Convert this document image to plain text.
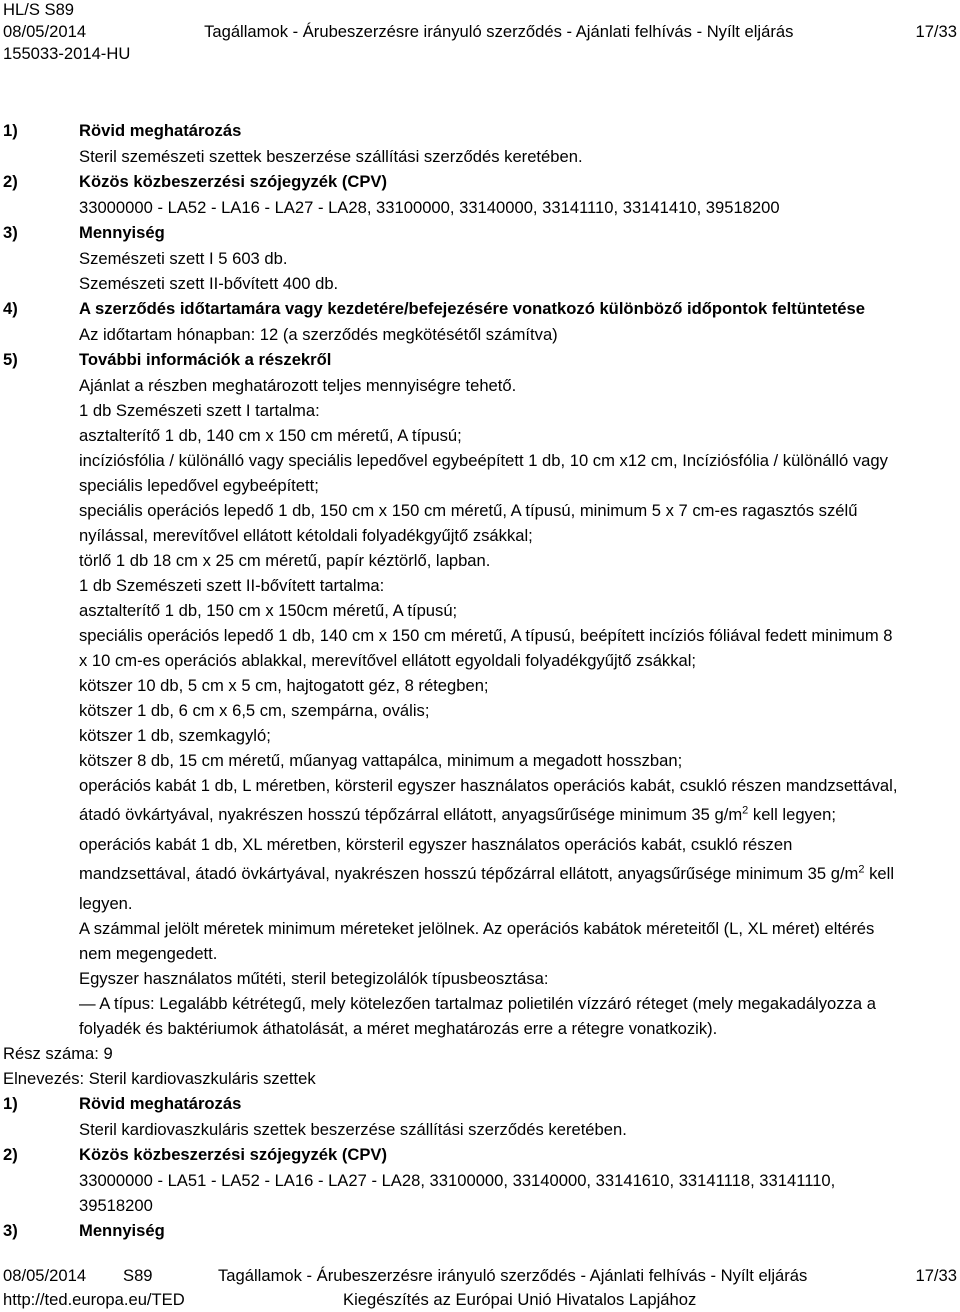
HL/S S89
08/05/2014	Tagállamok - Árubeszerzésre irányuló szerződés - Ajánlati felhívás - Nyílt eljárás	17/33
155033-2014-HU
1)	Rövid meghatározás
Steril szemészeti szettek beszerzése szállítási szerződés keretében.
2)	Közös közbeszerzési szójegyzék (CPV)
33000000 - LA52 - LA16 - LA27 - LA28, 33100000, 33140000, 33141110, 33141410, 39518200
3)	Mennyiség
Szemészeti szett I 5 603 db.
Szemészeti szett II-bővített 400 db.
4)	A szerződés időtartamára vagy kezdetére/befejezésére vonatkozó különböző időpontok feltüntetése
Az időtartam hónapban: 12 (a szerződés megkötésétől számítva)
5)	További információk a részekről
Ajánlat a részben meghatározott teljes mennyiségre tehető.
1 db Szemészeti szett I tartalma:
asztalterítő 1 db, 140 cm x 150 cm méretű, A típusú;
incíziósfólia / különálló vagy speciális lepedővel egybeépített 1 db, 10 cm x12 cm, Incíziósfólia / különálló vagy
speciális lepedővel egybeépített;
speciális operációs lepedő 1 db, 150 cm x 150 cm méretű, A típusú, minimum 5 x 7 cm-es ragasztós szélű
nyílással, merevítővel ellátott kétoldali folyadékgyűjtő zsákkal;
törlő 1 db 18 cm x 25 cm méretű, papír kéztörlő, lapban.
1 db Szemészeti szett II-bővített tartalma:
asztalterítő 1 db, 150 cm x 150cm méretű, A típusú;
speciális operációs lepedő 1 db, 140 cm x 150 cm méretű, A típusú, beépített incíziós fóliával fedett minimum 8
x 10 cm-es operációs ablakkal, merevítővel ellátott egyoldali folyadékgyűjtő zsákkal;
kötszer 10 db, 5 cm x 5 cm, hajtogatott géz, 8 rétegben;
kötszer 1 db, 6 cm x 6,5 cm, szempárna, ovális;
kötszer 1 db, szemkagyló;
kötszer 8 db, 15 cm méretű, műanyag vattapálca, minimum a megadott hosszban;
operációs kabát 1 db, L méretben, körsteril egyszer használatos operációs kabát, csukló részen mandzsettával,
átadó övkártyával, nyakrészen hosszú tépőzárral ellátott, anyagsűrűsége minimum 35 $g/m^2$ kell legyen;
operációs kabát 1 db, XL méretben, körsteril egyszer használatos operációs kabát, csukló részen
mandzsettával, átadó övkártyával, nyakrészen hosszú tépőzárral ellátott, anyagsűrűsége minimum 35 $g/m^2$ kell
legyen.
A számmal jelölt méretek minimum méreteket jelölnek. Az operációs kabátok méreteitől (L, XL méret) eltérés
nem megengedett.
Egyszer használatos műtéti, steril betegizolálók típusbeosztása:
— A típus: Legalább kétrétegű, mely kötelezően tartalmaz polietilén vízzáró réteget (mely megakadályozza a
folyadék és baktériumok áthatolását, a méret meghatározás erre a rétegre vonatkozik).
Rész száma: 9
Elnevezés: Steril kardiovaszkuláris szettek
1)	Rövid meghatározás
Steril kardiovaszkuláris szettek beszerzése szállítási szerződés keretében.
2)	Közös közbeszerzési szójegyzék (CPV)
33000000 - LA51 - LA52 - LA16 - LA27 - LA28, 33100000, 33140000, 33141610, 33141118, 33141110,
39518200
3)	Mennyiség
08/05/2014	S89	Tagállamok - Árubeszerzésre irányuló szerződés - Ajánlati felhívás - Nyílt eljárás	17/33
http://ted.europa.eu/TED	Kiegészítés az Európai Unió Hivatalos Lapjához
